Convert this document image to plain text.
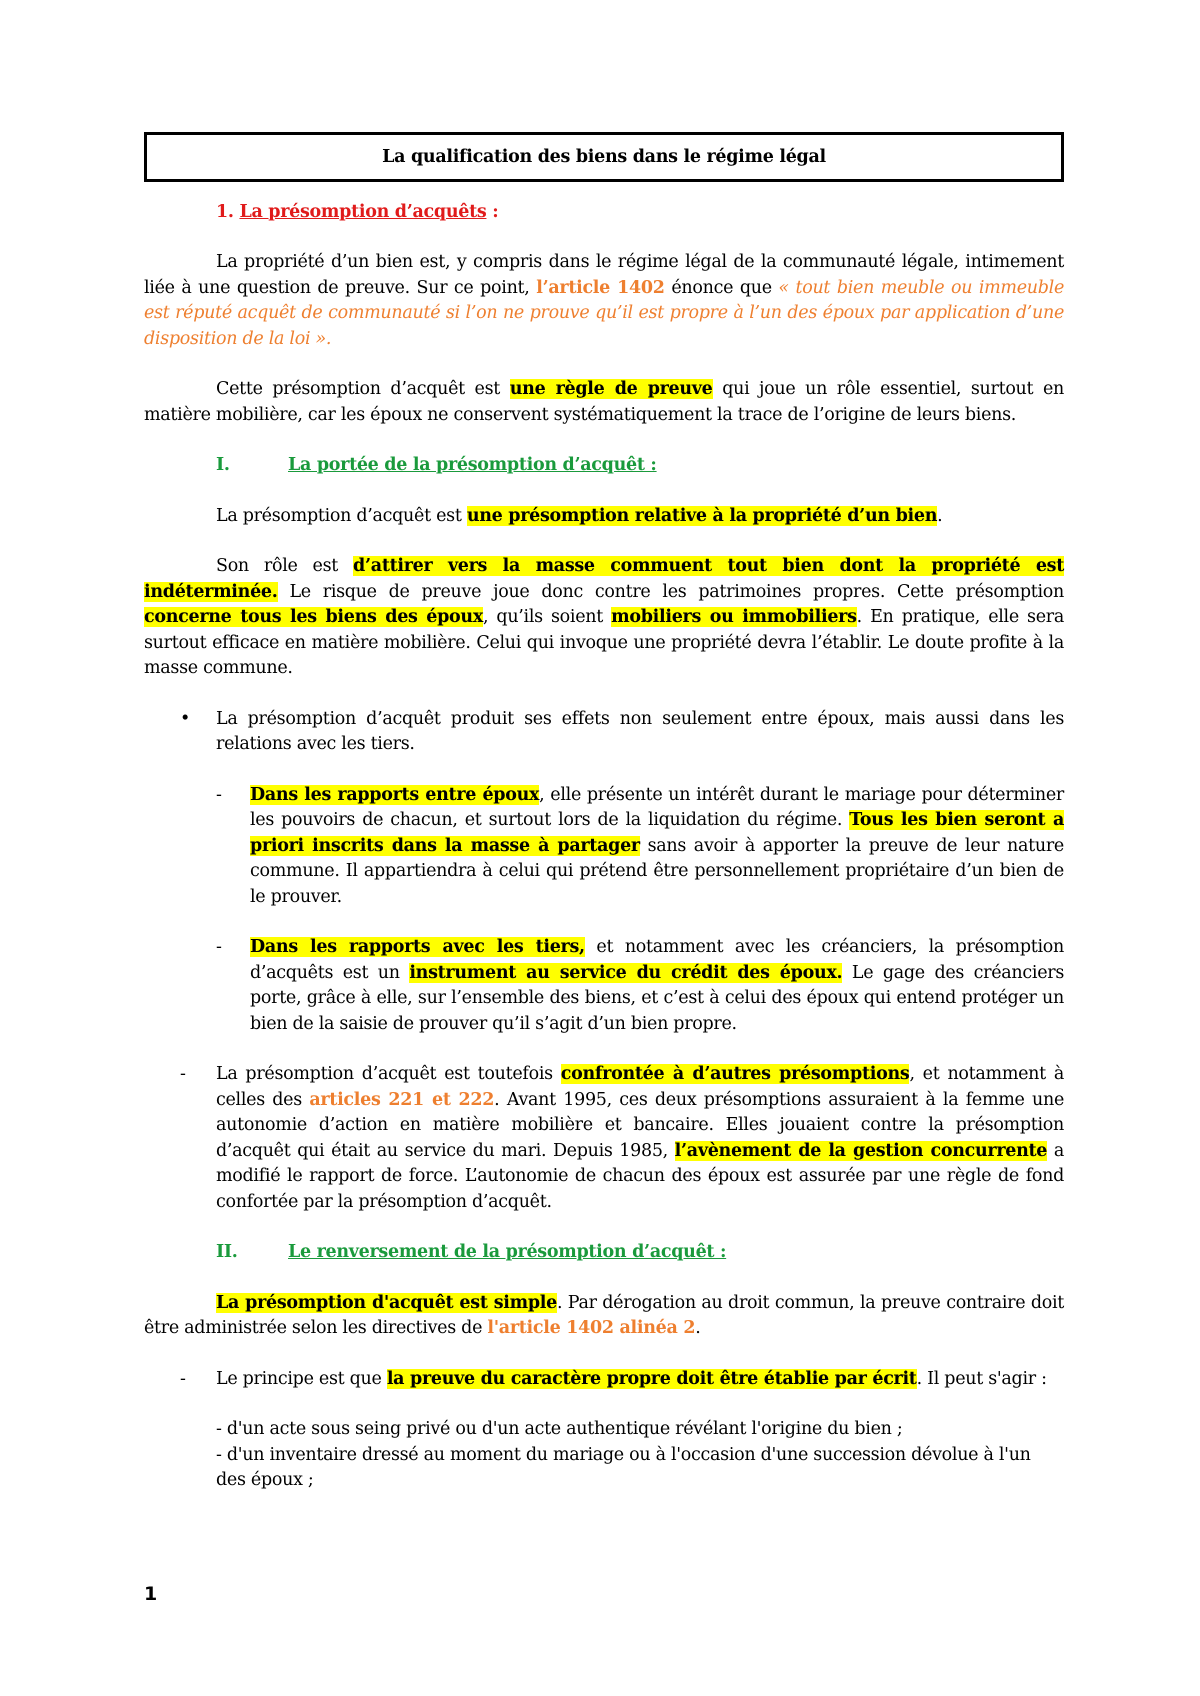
La qualification des biens dans le régime légal
1. La présomption d’acquêts :

La propriété d’un bien est, y compris dans le régime légal de la communauté légale, intimement liée à une question de preuve. Sur ce point, l’article 1402 énonce que « tout bien meuble ou immeuble est réputé acquêt de communauté si l’on ne prouve qu’il est propre à l’un des époux par application d’une disposition de la loi ».

Cette présomption d’acquêt est une règle de preuve qui joue un rôle essentiel, surtout en matière mobilière, car les époux ne conservent systématiquement la trace de l’origine de leurs biens.

I.	La portée de la présomption d’acquêt :

La présomption d’acquêt est une présomption relative à la propriété d’un bien.

Son rôle est d’attirer vers la masse commuent tout bien dont la propriété est indéterminée. Le risque de preuve joue donc contre les patrimoines propres. Cette présomption concerne tous les biens des époux, qu’ils soient mobiliers ou immobiliers. En pratique, elle sera surtout efficace en matière mobilière. Celui qui invoque une propriété devra l’établir. Le doute profite à la masse commune.

• La présomption d’acquêt produit ses effets non seulement entre époux, mais aussi dans les relations avec les tiers.
- Dans les rapports entre époux, elle présente un intérêt durant le mariage pour déterminer les pouvoirs de chacun, et surtout lors de la liquidation du régime. Tous les bien seront a priori inscrits dans la masse à partager sans avoir à apporter la preuve de leur nature commune. Il appartiendra à celui qui prétend être personnellement propriétaire d’un bien de le prouver.
- Dans les rapports avec les tiers, et notamment avec les créanciers, la présomption d’acquêts est un instrument au service du crédit des époux. Le gage des créanciers porte, grâce à elle, sur l’ensemble des biens, et c’est à celui des époux qui entend protéger un bien de la saisie de prouver qu’il s’agit d’un bien propre.
- La présomption d’acquêt est toutefois confrontée à d’autres présomptions, et notamment à celles des articles 221 et 222. Avant 1995, ces deux présomptions assuraient à la femme une autonomie d’action en matière mobilière et bancaire. Elles jouaient contre la présomption d’acquêt qui était au service du mari. Depuis 1985, l’avènement de la gestion concurrente a modifié le rapport de force. L’autonomie de chacun des époux est assurée par une règle de fond confortée par la présomption d’acquêt.
II.	Le renversement de la présomption d’acquêt :

La présomption d'acquêt est simple. Par dérogation au droit commun, la preuve contraire doit être administrée selon les directives de l'article 1402 alinéa 2.

- Le principe est que la preuve du caractère propre doit être établie par écrit. Il peut s'agir :
- d'un acte sous seing privé ou d'un acte authentique révélant l'origine du bien ;
- d'un inventaire dressé au moment du mariage ou à l'occasion d'une succession dévolue à l'un des époux ;
1
